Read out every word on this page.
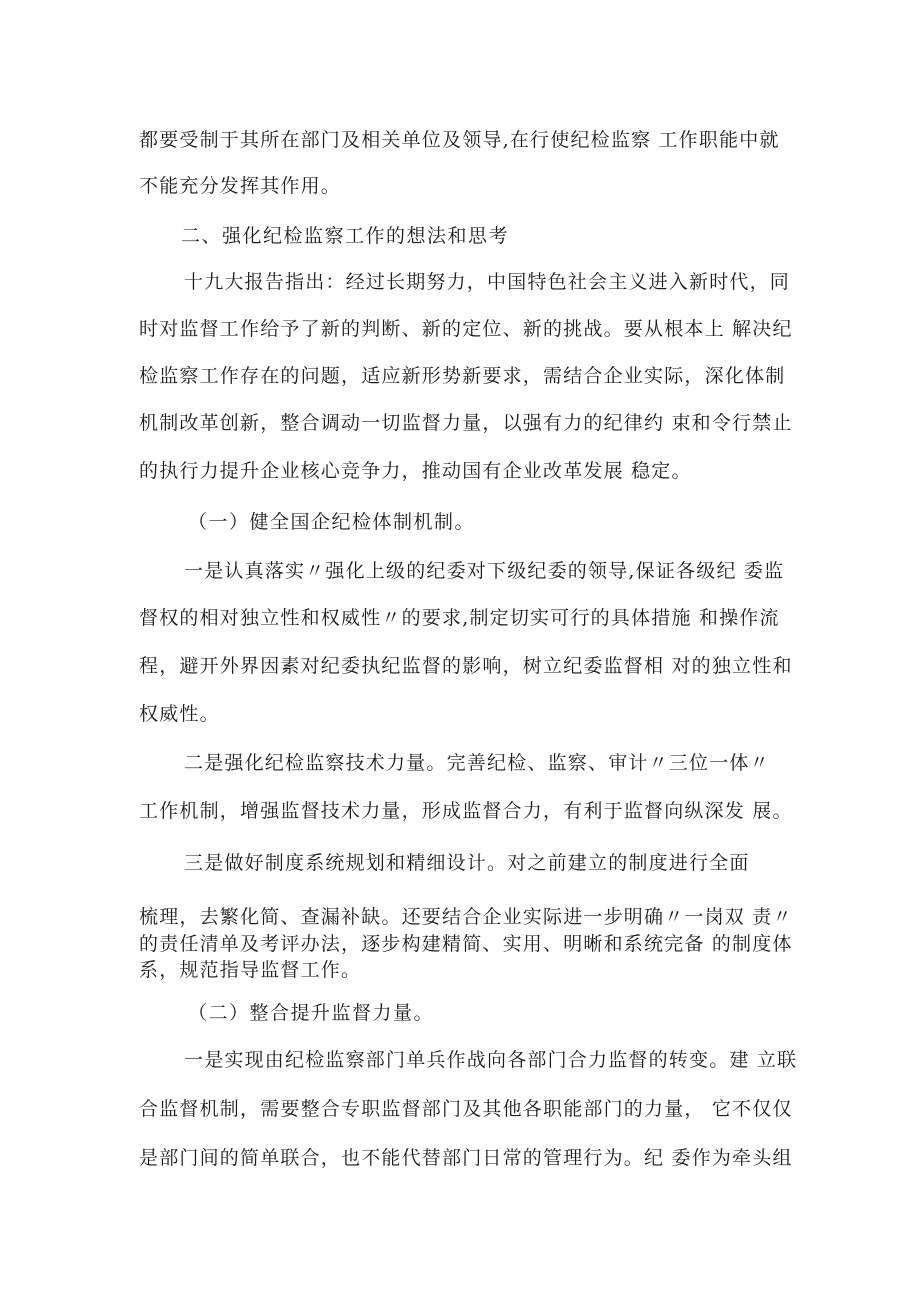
都要受制于其所在部门及相关单位及领导,在行使纪检监察 工作职能中就
不能充分发挥其作用。
二、强化纪检监察工作的想法和思考
十九大报告指出：经过长期努力，中国特色社会主义进入新时代，同
时对监督工作给予了新的判断、新的定位、新的挑战。要从根本上 解决纪
检监察工作存在的问题，适应新形势新要求，需结合企业实际，深化体制
机制改革创新，整合调动一切监督力量，以强有力的纪律约 束和令行禁止
的执行力提升企业核心竞争力，推动国有企业改革发展 稳定。
（一）健全国企纪检体制机制。
一是认真落实〃强化上级的纪委对下级纪委的领导,保证各级纪 委监
督权的相对独立性和权威性〃的要求,制定切实可行的具体措施 和操作流
程，避开外界因素对纪委执纪监督的影响，树立纪委监督相 对的独立性和
权威性。
二是强化纪检监察技术力量。完善纪检、监察、审计〃三位一体〃
工作机制，增强监督技术力量，形成监督合力，有利于监督向纵深发 展。
三是做好制度系统规划和精细设计。对之前建立的制度进行全面
梳理，去繁化简、查漏补缺。还要结合企业实际进一步明确〃一岗双 责〃
的责任清单及考评办法，逐步构建精简、实用、明晰和系统完备 的制度体
系，规范指导监督工作。
（二）整合提升监督力量。
一是实现由纪检监察部门单兵作战向各部门合力监督的转变。建 立联
合监督机制，需要整合专职监督部门及其他各职能部门的力量， 它不仅仅
是部门间的简单联合，也不能代替部门日常的管理行为。纪 委作为牵头组
